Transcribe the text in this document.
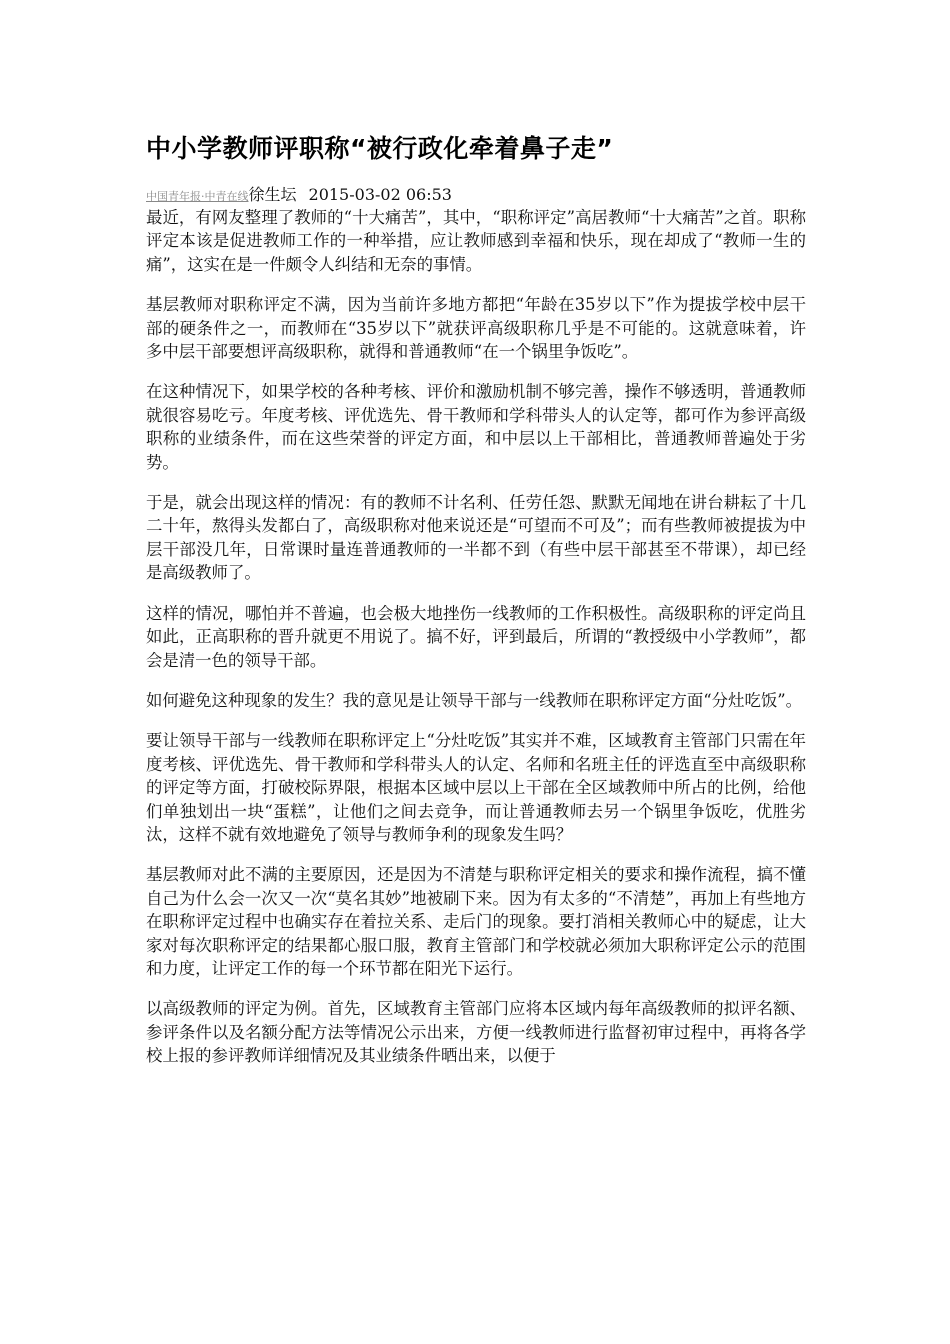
中小学教师评职称“被行政化牵着鼻子走”
中国青年报·中青在线徐生坛 2015-03-02 06:53

最近，有网友整理了教师的“十大痛苦”，其中，“职称评定”高居教师“十大痛苦”之首。职称评定本该是促进教师工作的一种举措，应让教师感到幸福和快乐，现在却成了“教师一生的痛”，这实在是一件颇令人纠结和无奈的事情。

基层教师对职称评定不满，因为当前许多地方都把“年龄在35岁以下”作为提拔学校中层干部的硬条件之一，而教师在“35岁以下”就获评高级职称几乎是不可能的。这就意味着，许多中层干部要想评高级职称，就得和普通教师“在一个锅里争饭吃”。

在这种情况下，如果学校的各种考核、评价和激励机制不够完善，操作不够透明，普通教师就很容易吃亏。年度考核、评优选先、骨干教师和学科带头人的认定等，都可作为参评高级职称的业绩条件，而在这些荣誉的评定方面，和中层以上干部相比，普通教师普遍处于劣势。

于是，就会出现这样的情况：有的教师不计名利、任劳任怨、默默无闻地在讲台耕耘了十几二十年，熬得头发都白了，高级职称对他来说还是“可望而不可及”；而有些教师被提拔为中层干部没几年，日常课时量连普通教师的一半都不到（有些中层干部甚至不带课），却已经是高级教师了。

这样的情况，哪怕并不普遍，也会极大地挫伤一线教师的工作积极性。高级职称的评定尚且如此，正高职称的晋升就更不用说了。搞不好，评到最后，所谓的“教授级中小学教师”，都会是清一色的领导干部。

如何避免这种现象的发生？我的意见是让领导干部与一线教师在职称评定方面“分灶吃饭”。

要让领导干部与一线教师在职称评定上“分灶吃饭”其实并不难，区域教育主管部门只需在年度考核、评优选先、骨干教师和学科带头人的认定、名师和名班主任的评选直至中高级职称的评定等方面，打破校际界限，根据本区域中层以上干部在全区域教师中所占的比例，给他们单独划出一块“蛋糕”，让他们之间去竞争，而让普通教师去另一个锅里争饭吃，优胜劣汰，这样不就有效地避免了领导与教师争利的现象发生吗？

基层教师对此不满的主要原因，还是因为不清楚与职称评定相关的要求和操作流程，搞不懂自己为什么会一次又一次“莫名其妙”地被刷下来。因为有太多的“不清楚”，再加上有些地方在职称评定过程中也确实存在着拉关系、走后门的现象。要打消相关教师心中的疑虑，让大家对每次职称评定的结果都心服口服，教育主管部门和学校就必须加大职称评定公示的范围和力度，让评定工作的每一个环节都在阳光下运行。

以高级教师的评定为例。首先，区域教育主管部门应将本区域内每年高级教师的拟评名额、参评条件以及名额分配方法等情况公示出来，方便一线教师进行监督初审过程中，再将各学校上报的参评教师详细情况及其业绩条件晒出来，以便于
